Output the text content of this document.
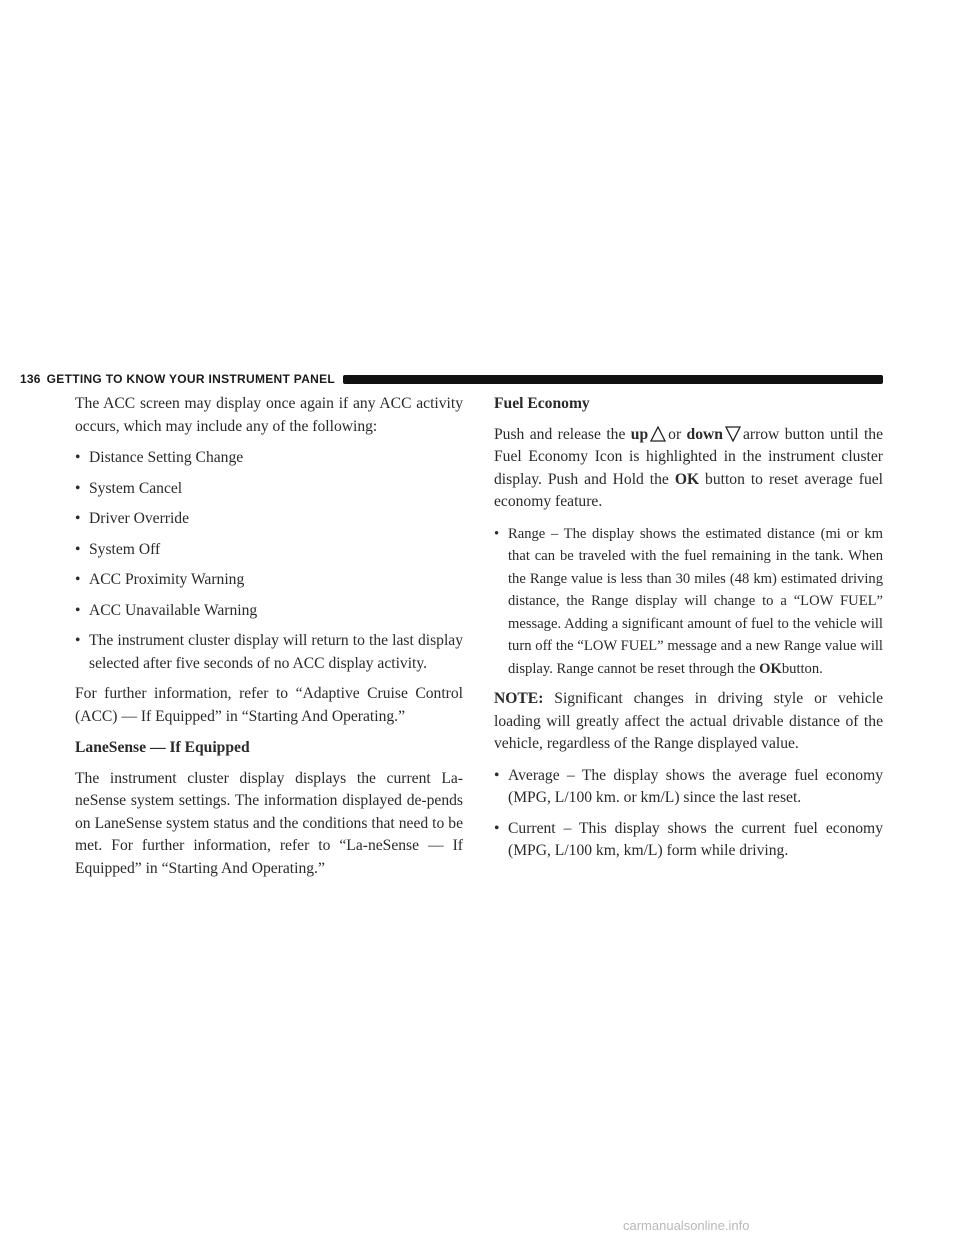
136 GETTING TO KNOW YOUR INSTRUMENT PANEL

The ACC screen may display once again if any ACC activity occurs, which may include any of the following:

• Distance Setting Change
• System Cancel
• Driver Override
• System Off
• ACC Proximity Warning
• ACC Unavailable Warning
• The instrument cluster display will return to the last display selected after five seconds of no ACC display activity.

For further information, refer to “Adaptive Cruise Control (ACC) — If Equipped” in “Starting And Operating.”

LaneSense — If Equipped

The instrument cluster display displays the current La-neSense system settings. The information displayed de-pends on LaneSense system status and the conditions that need to be met. For further information, refer to “La-neSense — If Equipped” in “Starting And Operating.”

Fuel Economy

Push and release the up or down arrow button until the Fuel Economy Icon is highlighted in the instrument cluster display. Push and Hold the OK button to reset average fuel economy feature.

• Range – The display shows the estimated distance (mi or km that can be traveled with the fuel remaining in the tank. When the Range value is less than 30 miles (48 km) estimated driving distance, the Range display will change to a “LOW FUEL” message. Adding a significant amount of fuel to the vehicle will turn off the “LOW FUEL” message and a new Range value will display. Range cannot be reset through the OKbutton.

NOTE: Significant changes in driving style or vehicle loading will greatly affect the actual drivable distance of the vehicle, regardless of the Range displayed value.

• Average – The display shows the average fuel economy (MPG, L/100 km. or km/L) since the last reset.
• Current – This display shows the current fuel economy (MPG, L/100 km, km/L) form while driving.
carmanualsonline.info
